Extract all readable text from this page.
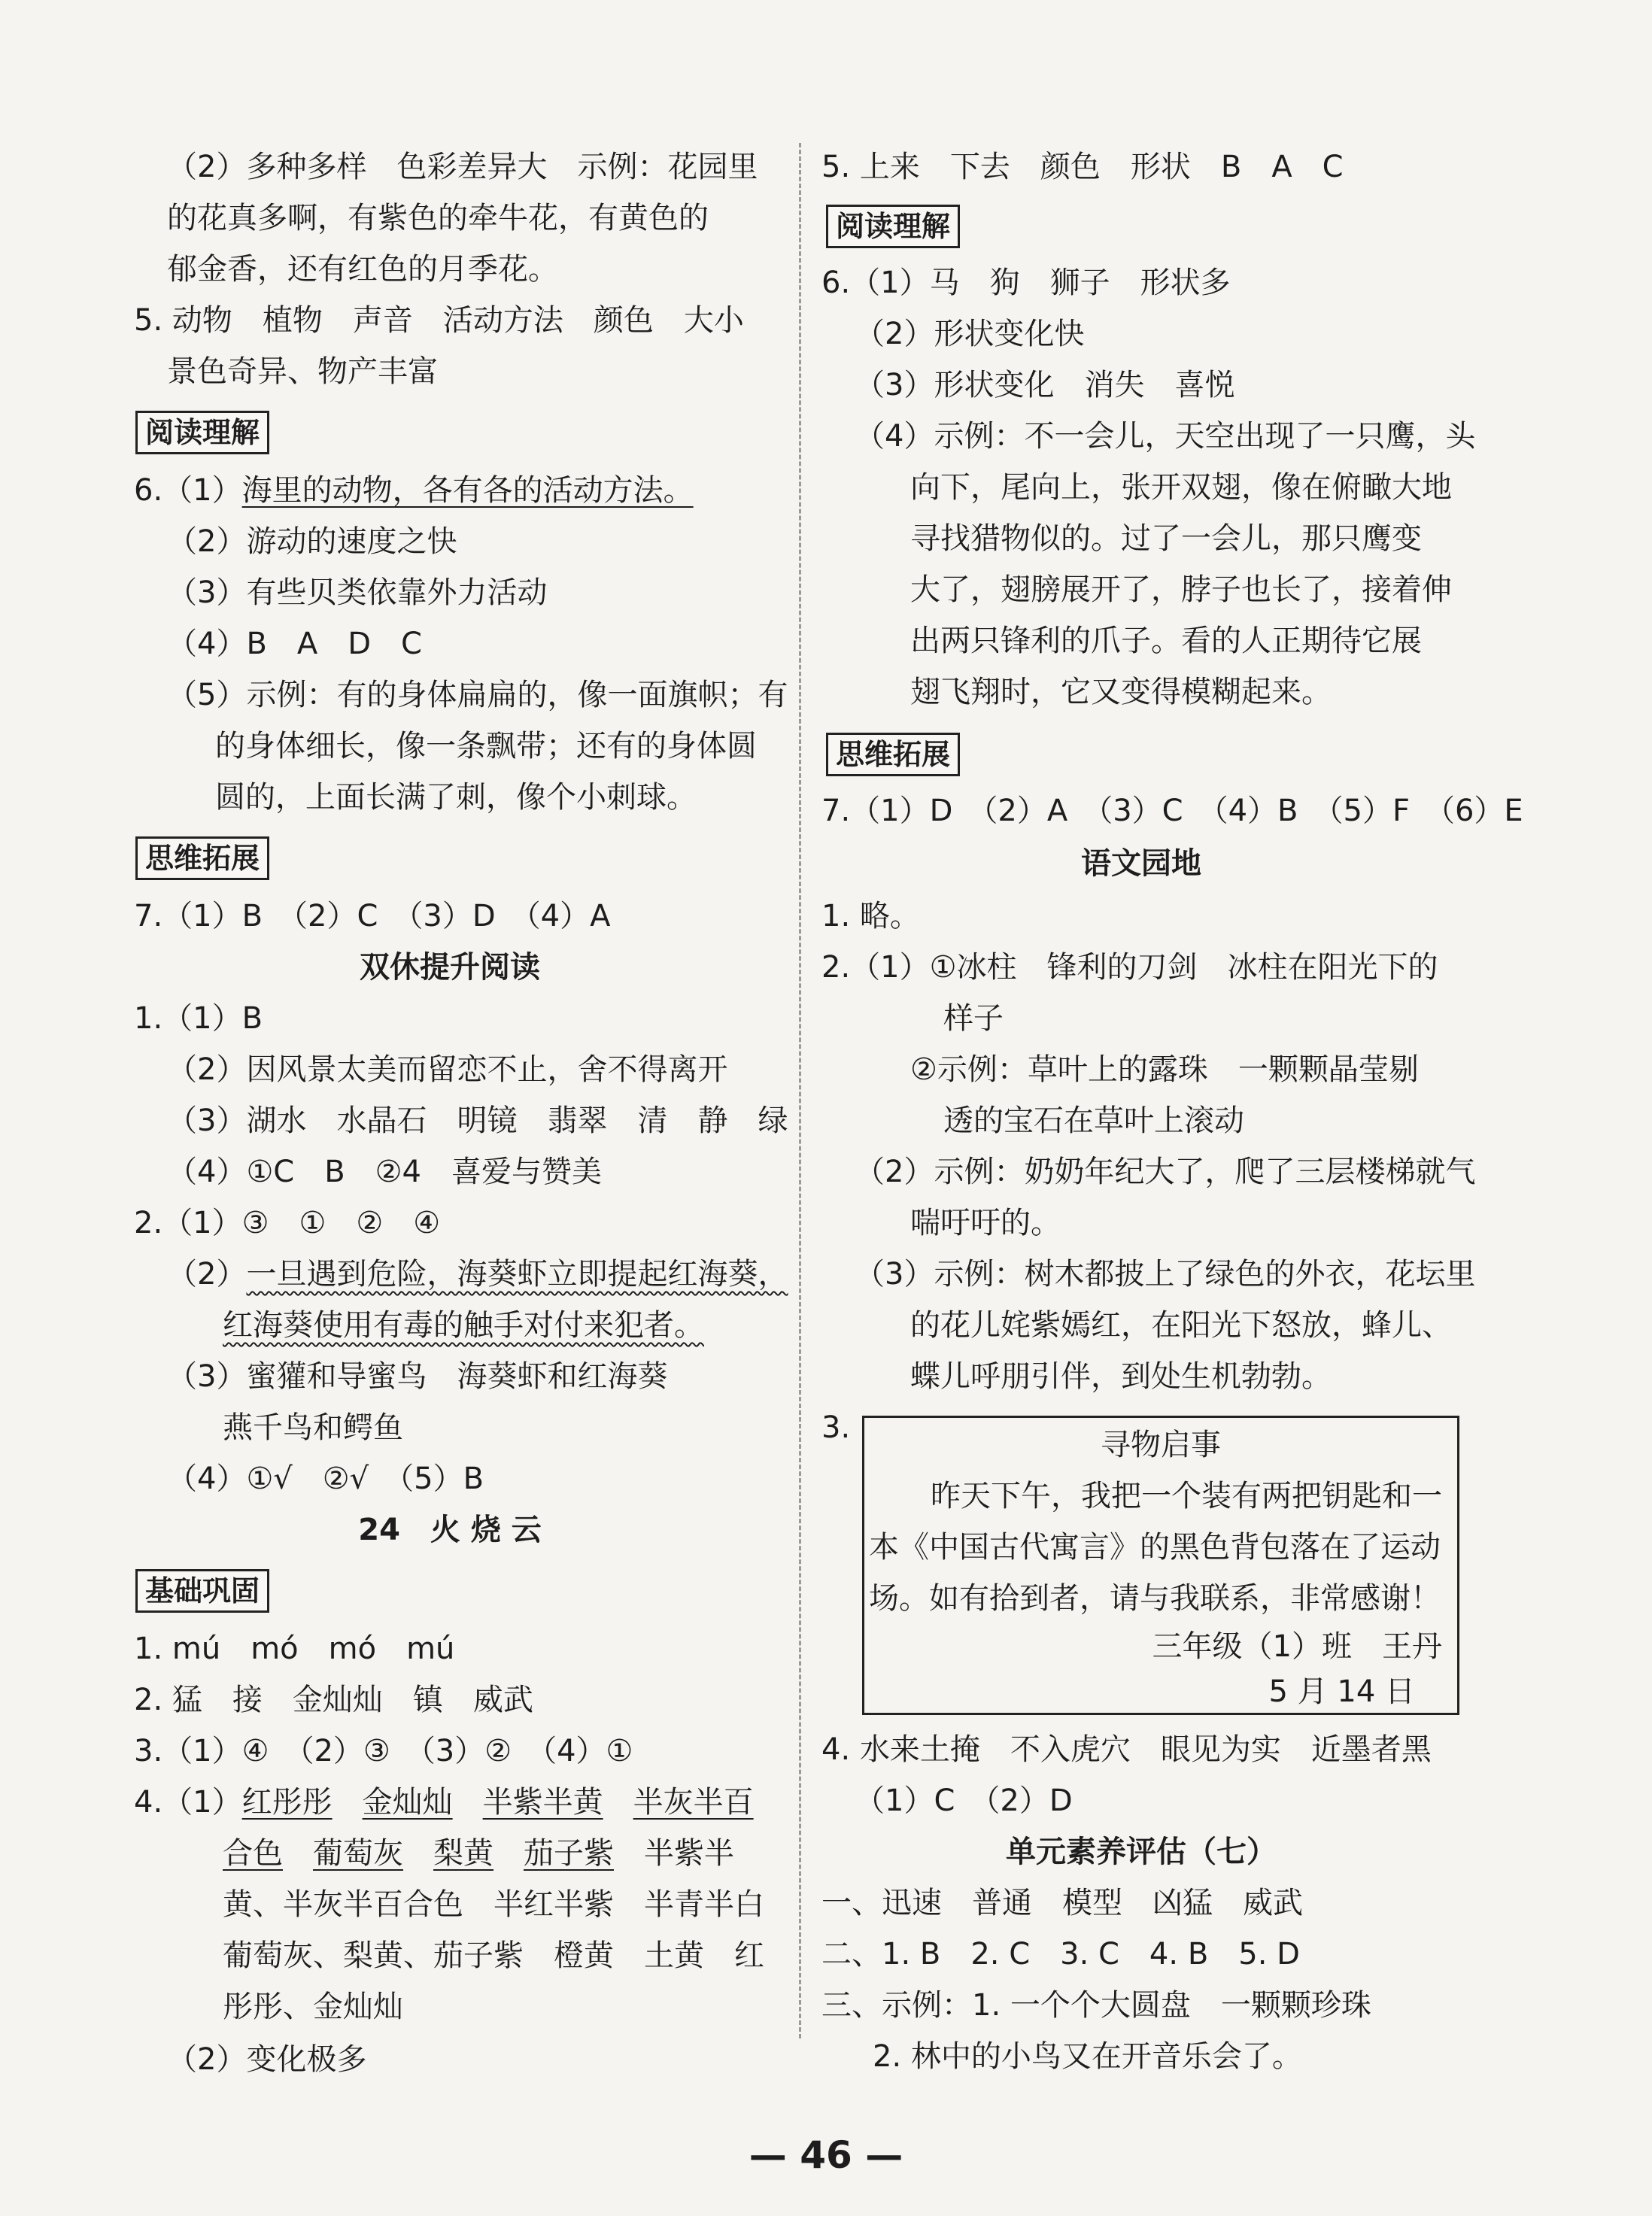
（2）多种多样　色彩差异大　示例：花园里
的花真多啊，有紫色的牵牛花，有黄色的
郁金香，还有红色的月季花。
5. 动物　植物　声音　活动方法　颜色　大小
景色奇异、物产丰富
阅读理解
6.（1）海里的动物，各有各的活动方法。
（2）游动的速度之快
（3）有些贝类依靠外力活动
（4）B　A　D　C
（5）示例：有的身体扁扁的，像一面旗帜；有
的身体细长，像一条飘带；还有的身体圆
圆的，上面长满了刺，像个小刺球。
思维拓展
7.（1）B　（2）C　（3）D　（4）A
双休提升阅读
1.（1）B
（2）因风景太美而留恋不止，舍不得离开
（3）湖水　水晶石　明镜　翡翠　清　静　绿
（4）①C　B　②4　喜爱与赞美
2.（1）③　①　②　④
（2）一旦遇到危险，海葵虾立即提起红海葵，
红海葵使用有毒的触手对付来犯者。
（3）蜜獾和导蜜鸟　海葵虾和红海葵
燕千鸟和鳄鱼
（4）①√　②√　（5）B
24　火 烧 云
基础巩固
1. mú　mó　mó　mú
2. 猛　接　金灿灿　镇　威武
3.（1）④　（2）③　（3）②　（4）①
4.（1）红彤彤　 金灿灿　 半紫半黄　 半灰半百
合色　 葡萄灰　 梨黄　 茄子紫　 半紫半
黄、半灰半百合色　半红半紫　半青半白
葡萄灰、梨黄、茄子紫　橙黄　土黄　红
彤彤、金灿灿
（2）变化极多
5. 上来　下去　颜色　形状　B　A　C
阅读理解
6.（1）马　狗　狮子　形状多
（2）形状变化快
（3）形状变化　消失　喜悦
（4）示例：不一会儿，天空出现了一只鹰，头
向下，尾向上，张开双翅，像在俯瞰大地
寻找猎物似的。过了一会儿，那只鹰变
大了，翅膀展开了，脖子也长了，接着伸
出两只锋利的爪子。看的人正期待它展
翅飞翔时，它又变得模糊起来。
思维拓展
7.（1）D　（2）A　（3）C　（4）B　（5）F　（6）E
语文园地
1. 略。
2.（1）①冰柱　锋利的刀剑　冰柱在阳光下的
样子
②示例：草叶上的露珠　一颗颗晶莹剔
透的宝石在草叶上滚动
（2）示例：奶奶年纪大了，爬了三层楼梯就气
喘吁吁的。
（3）示例：树木都披上了绿色的外衣，花坛里
的花儿姹紫嫣红，在阳光下怒放，蜂儿、
蝶儿呼朋引伴，到处生机勃勃。
3.	寻物启事
昨天下午，我把一个装有两把钥匙和一
本《中国古代寓言》的黑色背包落在了运动
场。如有拾到者，请与我联系，非常感谢！
三年级（1）班　王丹
5 月 14 日
4. 水来土掩　不入虎穴　眼见为实　近墨者黑
（1）C　（2）D
单元素养评估（七）
一、迅速　普通　模型　凶猛　威武
二、1. B　2. C　3. C　4. B　5. D
三、示例：1. 一个个大圆盘　一颗颗珍珠
2. 林中的小鸟又在开音乐会了。
— 46 —
